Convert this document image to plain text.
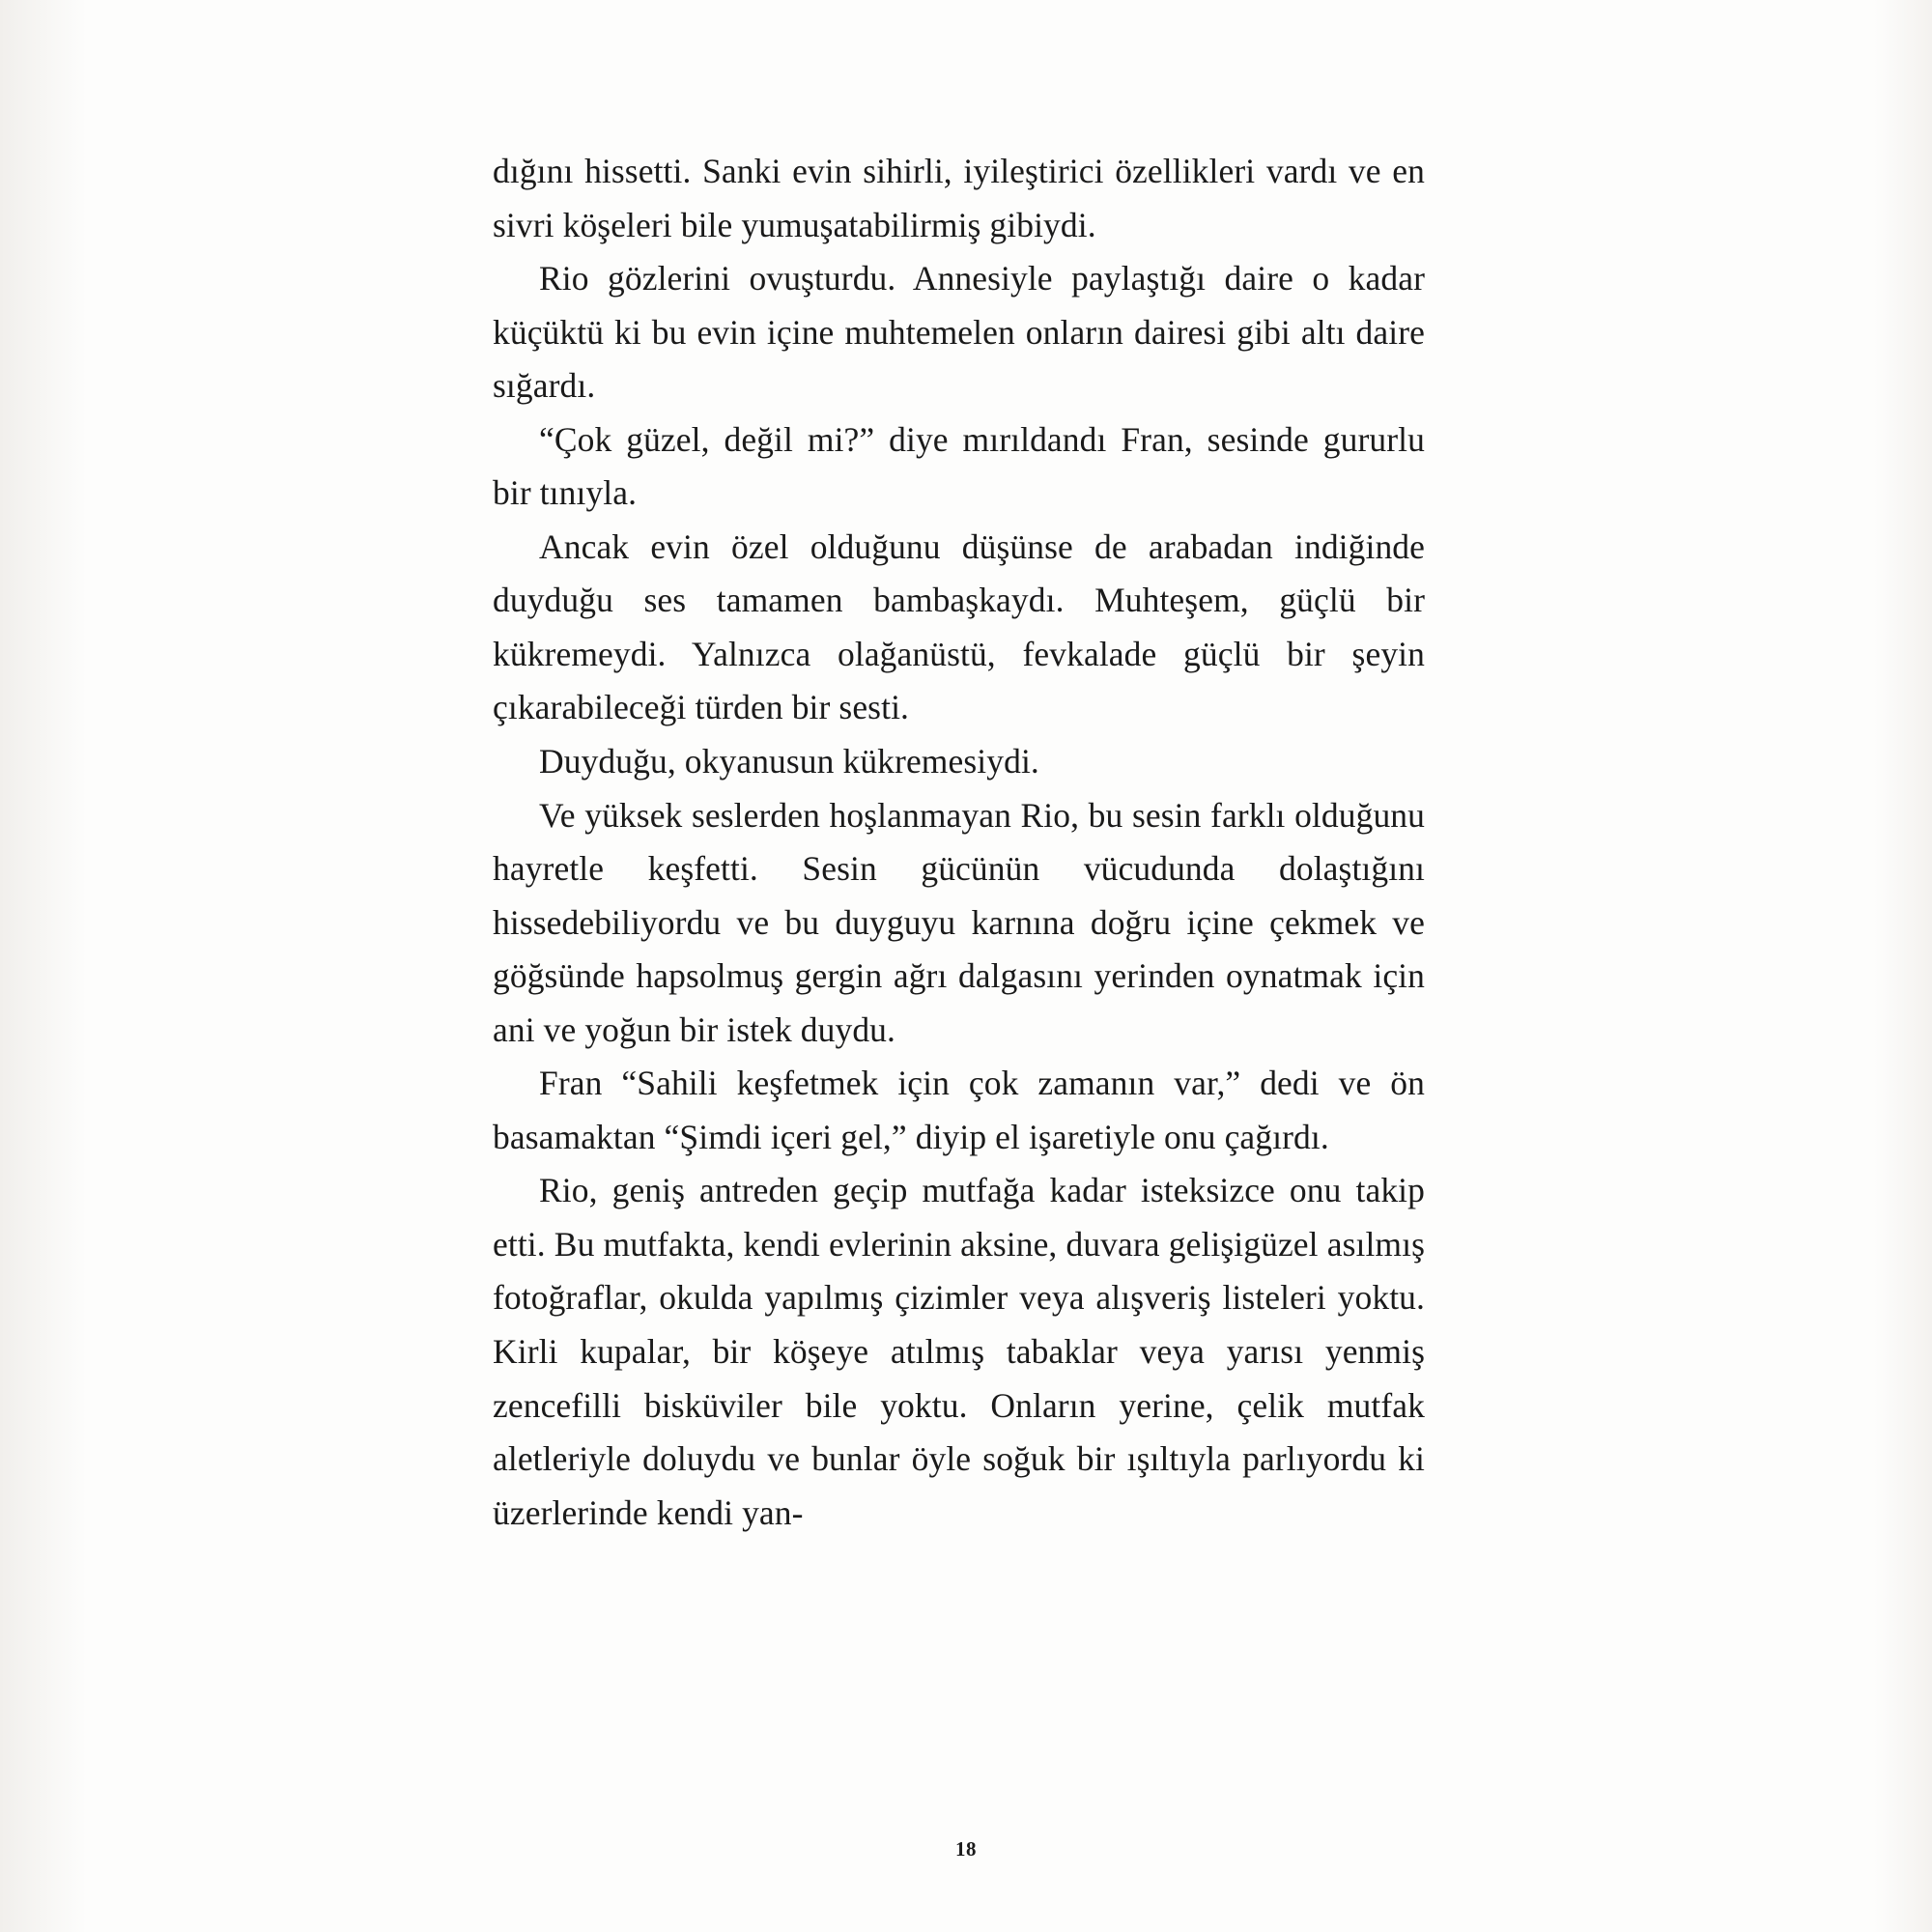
dığını hissetti. Sanki evin sihirli, iyileştirici özellikleri vardı ve en sivri köşeleri bile yumuşatabilirmiş gibiydi.

Rio gözlerini ovuşturdu. Annesiyle paylaştığı daire o kadar küçüktü ki bu evin içine muhtemelen onların dairesi gibi altı daire sığardı.

“Çok güzel, değil mi?” diye mırıldandı Fran, sesinde gururlu bir tınıyla.

Ancak evin özel olduğunu düşünse de arabadan indiğinde duyduğu ses tamamen bambaşkaydı. Muhteşem, güçlü bir kükremeydi. Yalnızca olağanüstü, fevkalade güçlü bir şeyin çıkarabileceği türden bir sesti.

Duyduğu, okyanusun kükremesiydi.

Ve yüksek seslerden hoşlanmayan Rio, bu sesin farklı olduğunu hayretle keşfetti. Sesin gücünün vücudunda dolaştığını hissedebiliyordu ve bu duyguyu karnına doğru içine çekmek ve göğsünde hapsolmuş gergin ağrı dalgasını yerinden oynatmak için ani ve yoğun bir istek duydu.

Fran “Sahili keşfetmek için çok zamanın var,” dedi ve ön basamaktan “Şimdi içeri gel,” diyip el işaretiyle onu çağırdı.

Rio, geniş antreden geçip mutfağa kadar isteksizce onu takip etti. Bu mutfakta, kendi evlerinin aksine, duvara gelişigüzel asılmış fotoğraflar, okulda yapılmış çizimler veya alışveriş listeleri yoktu. Kirli kupalar, bir köşeye atılmış tabaklar veya yarısı yenmiş zencefilli bisküviler bile yoktu. Onların yerine, çelik mutfak aletleriyle doluydu ve bunlar öyle soğuk bir ışıltıyla parlıyordu ki üzerlerinde kendi yan-

18
